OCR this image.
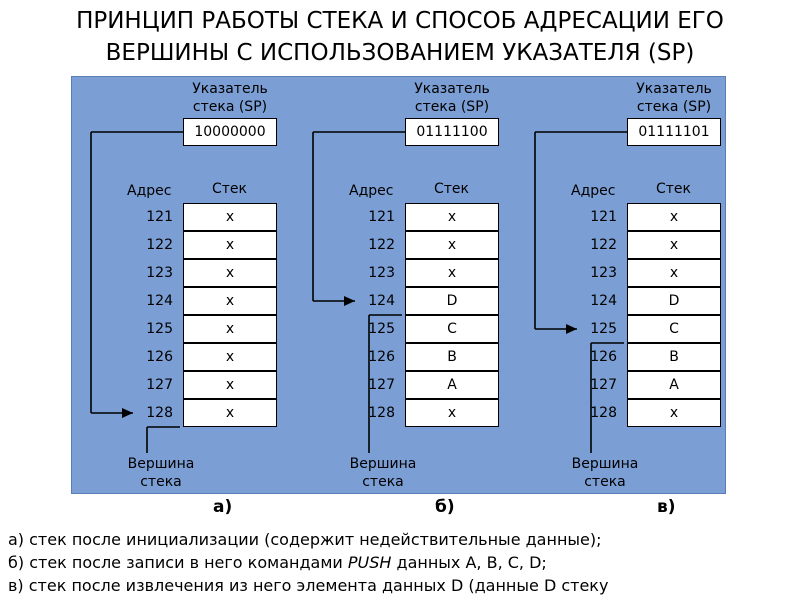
ПРИНЦИП РАБОТЫ СТЕКА И СПОСОБ АДРЕСАЦИИ ЕГО
ВЕРШИНЫ С ИСПОЛЬЗОВАНИЕМ УКАЗАТЕЛЯ (SP)
Указатель
стека (SP)
10000000
Адрес	Стек
121	x
122	x
123	x
124	x
125	x
126	x
127	x
128	x
Вершина
стека
а)
Указатель
стека (SP)
01111100
Адрес	Стек
121	x
122	x
123	x
124	D
125	C
126	B
127	A
128	x
Вершина
стека
б)
Указатель
стека (SP)
01111101
Адрес	Стек
121	x
122	x
123	x
124	D
125	C
126	B
127	A
128	x
Вершина
стека
в)
а) стек после инициализации (содержит недействительные данные);
б) стек после записи в него командами PUSH данных А, В, С, D;
в) стек после извлечения из него элемента данных D (данные D стеку
